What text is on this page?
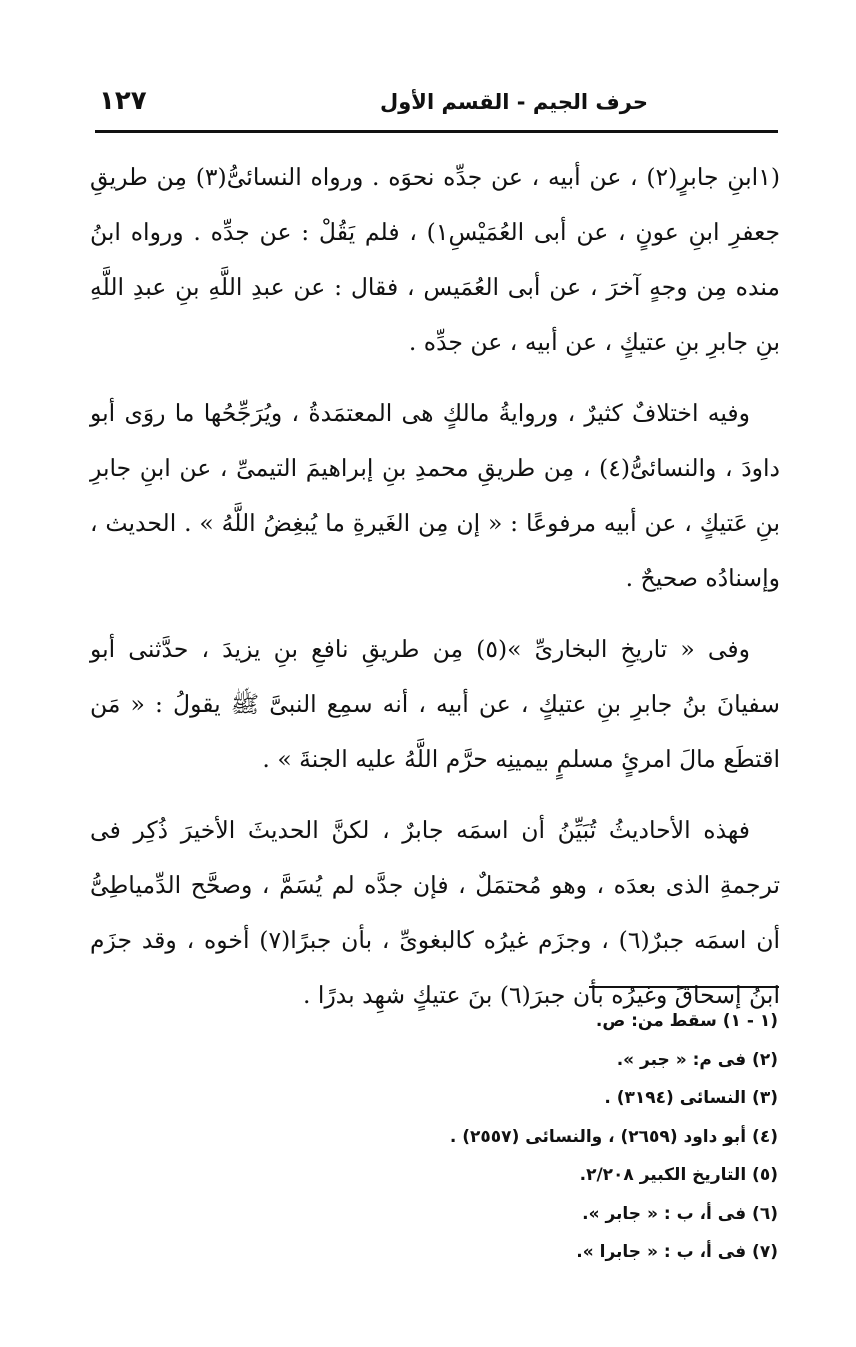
١٢٧	حرف الجيم - القسم الأول

(١ابنِ جابرٍ(٢) ، عن أبيه ، عن جدِّه نحوَه . ورواه النسائىُّ(٣) مِن طريقِ جعفرِ ابنِ عونٍ ، عن أبى العُمَيْسِ١) ، فلم يَقُلْ : عن جدِّه . ورواه ابنُ منده مِن وجهٍ آخرَ ، عن أبى العُمَيس ، فقال : عن عبدِ اللَّهِ بنِ عبدِ اللَّهِ بنِ جابرِ بنِ عتيكٍ ، عن أبيه ، عن جدِّه .

وفيه اختلافٌ كثيرٌ ، وروايةُ مالكٍ هى المعتمَدةُ ، ويُرَجِّحُها ما روَى أبو داودَ ، والنسائىُّ(٤) ، مِن طريقِ محمدِ بنِ إبراهيمَ التيمىِّ ، عن ابنِ جابرِ بنِ عَتيكٍ ، عن أبيه مرفوعًا : « إن مِن الغَيرةِ ما يُبغِضُ اللَّهُ » . الحديث ، وإسنادُه صحيحٌ .

وفى « تاريخِ البخارىِّ »(٥) مِن طريقِ نافعِ بنِ يزيدَ ، حدَّثنى أبو سفيانَ بنُ جابرِ بنِ عتيكٍ ، عن أبيه ، أنه سمِع النبىَّ ﷺ يقولُ : « مَن اقتطَع مالَ امرئٍ مسلمٍ بيمينِه حرَّم اللَّهُ عليه الجنةَ » .

فهذه الأحاديثُ تُبَيِّنُ أن اسمَه جابرٌ ، لكنَّ الحديثَ الأخيرَ ذُكِر فى ترجمةِ الذى بعدَه ، وهو مُحتمَلٌ ، فإن جدَّه لم يُسَمَّ ، وصحَّح الدِّمياطِىُّ أن اسمَه جبرٌ(٦) ، وجزَم غيرُه كالبغوىِّ ، بأن جبرًا(٧) أخوه ، وقد جزَم ابنُ إسحاقَ وغيرُه بأن جبرَ(٦) بنَ عتيكٍ شهِد بدرًا .

(١ - ١) سقط من: ص.
(٢) فى م: « جبر ».
(٣) النسائى (٣١٩٤) .
(٤) أبو داود (٢٦٥٩) ، والنسائى (٢٥٥٧) .
(٥) التاريخ الكبير ٢/٢٠٨.
(٦) فى أ، ب : « جابر ».
(٧) فى أ، ب : « جابرا ».
